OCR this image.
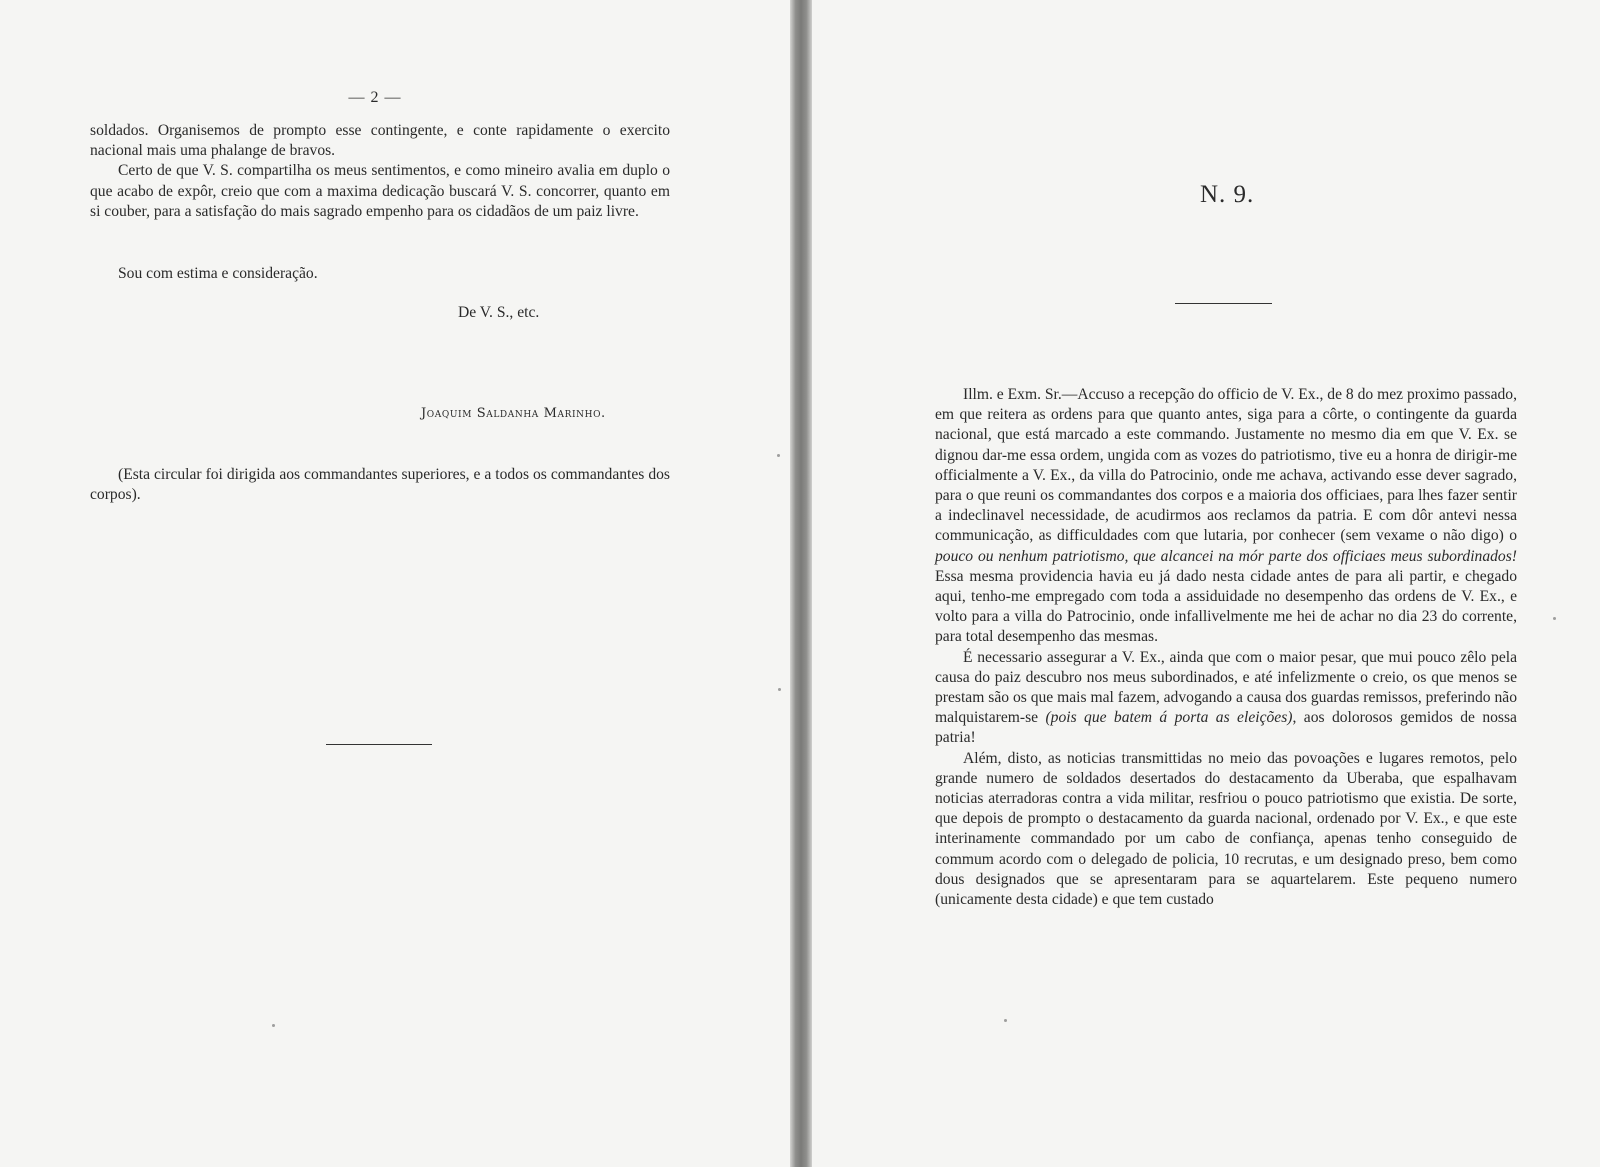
— 2 —

soldados. Organisemos de prompto esse contingente, e conte rapidamente o exercito nacional mais uma phalange de bravos.

Certo de que V. S. compartilha os meus sentimentos, e como mineiro avalia em duplo o que acabo de expôr, creio que com a maxima dedicação buscará V. S. concorrer, quanto em si couber, para a satisfação do mais sagrado empenho para os cidadãos de um paiz livre.

Sou com estima e consideração.
De V. S., etc.
Joaquim Saldanha Marinho.
(Esta circular foi dirigida aos commandantes superiores, e a todos os commandantes dos corpos).
N. 9.

Illm. e Exm. Sr.—Accuso a recepção do officio de V. Ex., de 8 do mez proximo passado, em que reitera as ordens para que quanto antes, siga para a côrte, o contingente da guarda nacional, que está marcado a este commando. Justamente no mesmo dia em que V. Ex. se dignou dar-me essa ordem, ungida com as vozes do patriotismo, tive eu a honra de dirigir-me officialmente a V. Ex., da villa do Patrocinio, onde me achava, activando esse dever sagrado, para o que reuni os commandantes dos corpos e a maioria dos officiaes, para lhes fazer sentir a indeclinavel necessidade, de acudirmos aos reclamos da patria. E com dôr antevi nessa communicação, as difficuldades com que lutaria, por conhecer (sem vexame o não digo) o pouco ou nenhum patriotismo, que alcancei na mór parte dos officiaes meus subordinados! Essa mesma providencia havia eu já dado nesta cidade antes de para ali partir, e chegado aqui, tenho-me empregado com toda a assiduidade no desempenho das ordens de V. Ex., e volto para a villa do Patrocinio, onde infallivelmente me hei de achar no dia 23 do corrente, para total desempenho das mesmas.

É necessario assegurar a V. Ex., ainda que com o maior pesar, que mui pouco zêlo pela causa do paiz descubro nos meus subordinados, e até infelizmente o creio, os que menos se prestam são os que mais mal fazem, advogando a causa dos guardas remissos, preferindo não malquistarem-se (pois que batem á porta as eleições), aos dolorosos gemidos de nossa patria!

Além, disto, as noticias transmittidas no meio das povoações e lugares remotos, pelo grande numero de soldados desertados do destacamento da Uberaba, que espalhavam noticias aterradoras contra a vida militar, resfriou o pouco patriotismo que existia. De sorte, que depois de prompto o destacamento da guarda nacional, ordenado por V. Ex., e que este interinamente commandado por um cabo de confiança, apenas tenho conseguido de commum acordo com o delegado de policia, 10 recrutas, e um designado preso, bem como dous designados que se apresentaram para se aquartelarem. Este pequeno numero (unicamente desta cidade) e que tem custado
